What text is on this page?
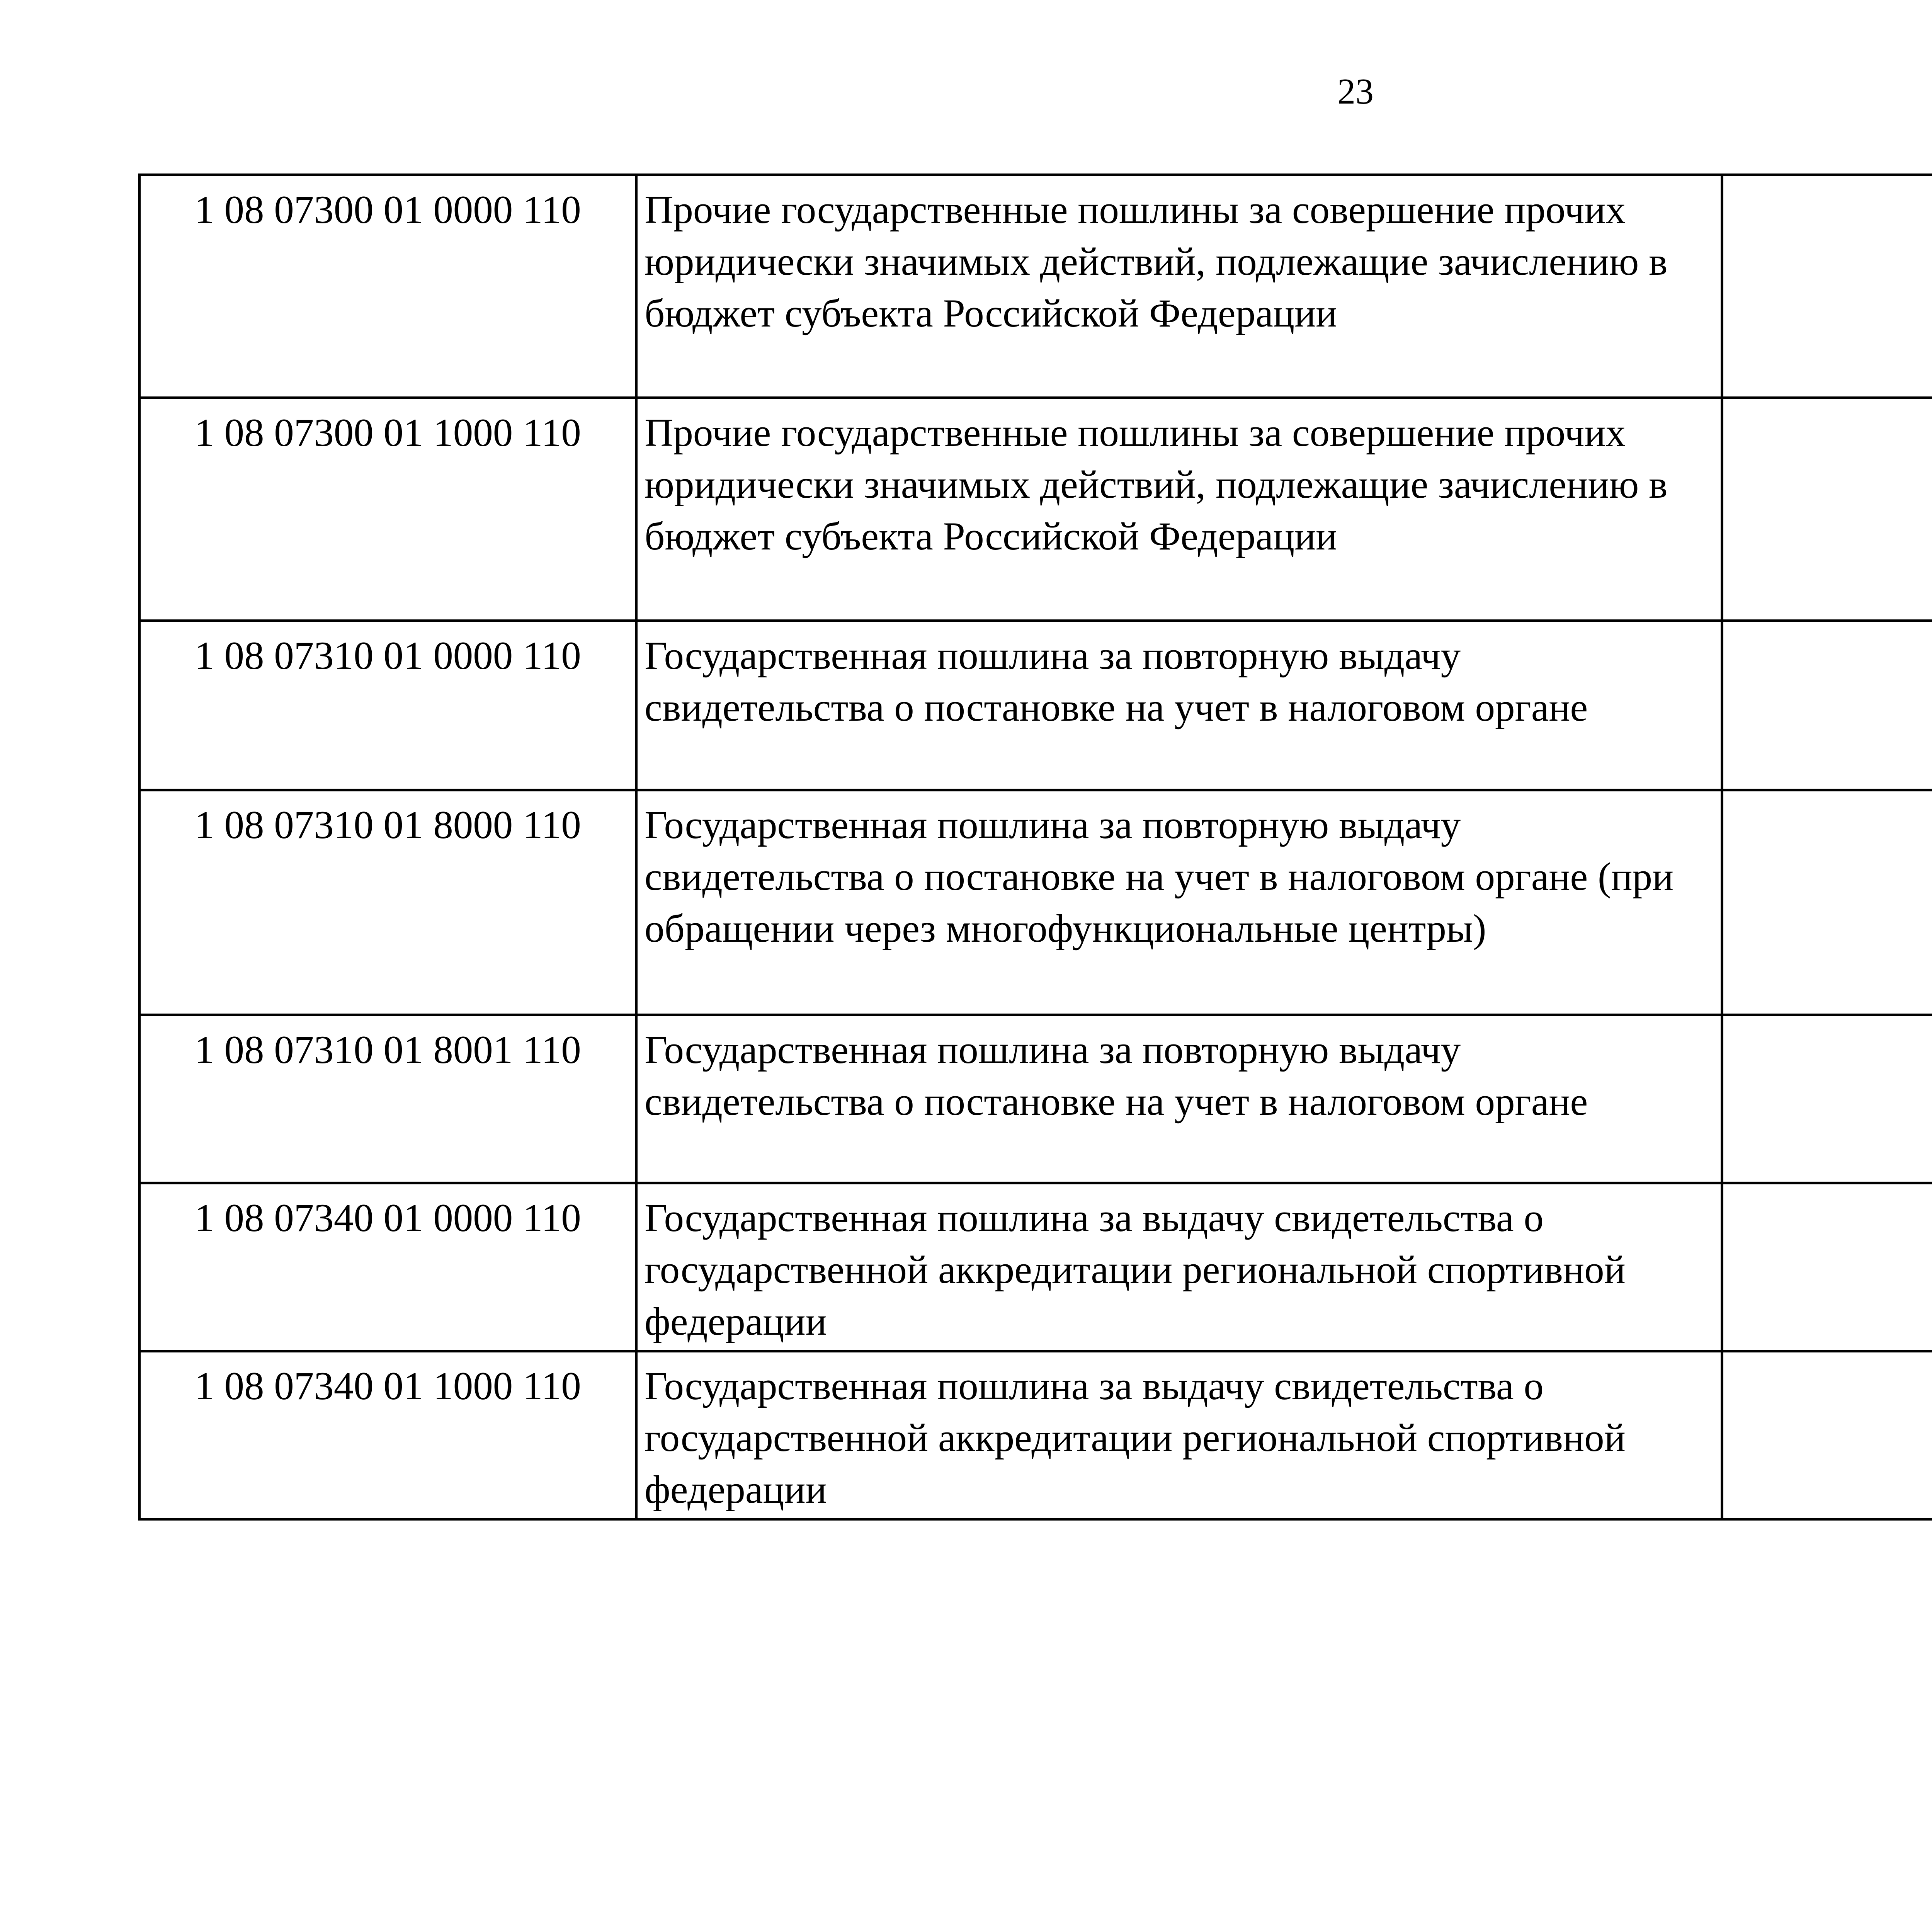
23
1 08 07300 01 0000 110	Прочие государственные пошлины за совершение прочих юридически значимых действий, подлежащие зачислению в бюджет субъекта Российской Федерации			
1 08 07300 01 1000 110	Прочие государственные пошлины за совершение прочих юридически значимых действий, подлежащие зачислению в бюджет субъекта Российской Федерации			
1 08 07310 01 0000 110	Государственная пошлина за повторную выдачу свидетельства о постановке на учет в налоговом органе			
1 08 07310 01 8000 110	Государственная пошлина за повторную выдачу свидетельства о постановке на учет в налоговом органе (при обращении через многофункциональные центры)			
1 08 07310 01 8001 110	Государственная пошлина за повторную выдачу свидетельства о постановке на учет в налоговом органе			
1 08 07340 01 0000 110	Государственная пошлина за выдачу свидетельства о государственной аккредитации региональной спортивной федерации			
1 08 07340 01 1000 110	Государственная пошлина за выдачу свидетельства о государственной аккредитации региональной спортивной федерации			
